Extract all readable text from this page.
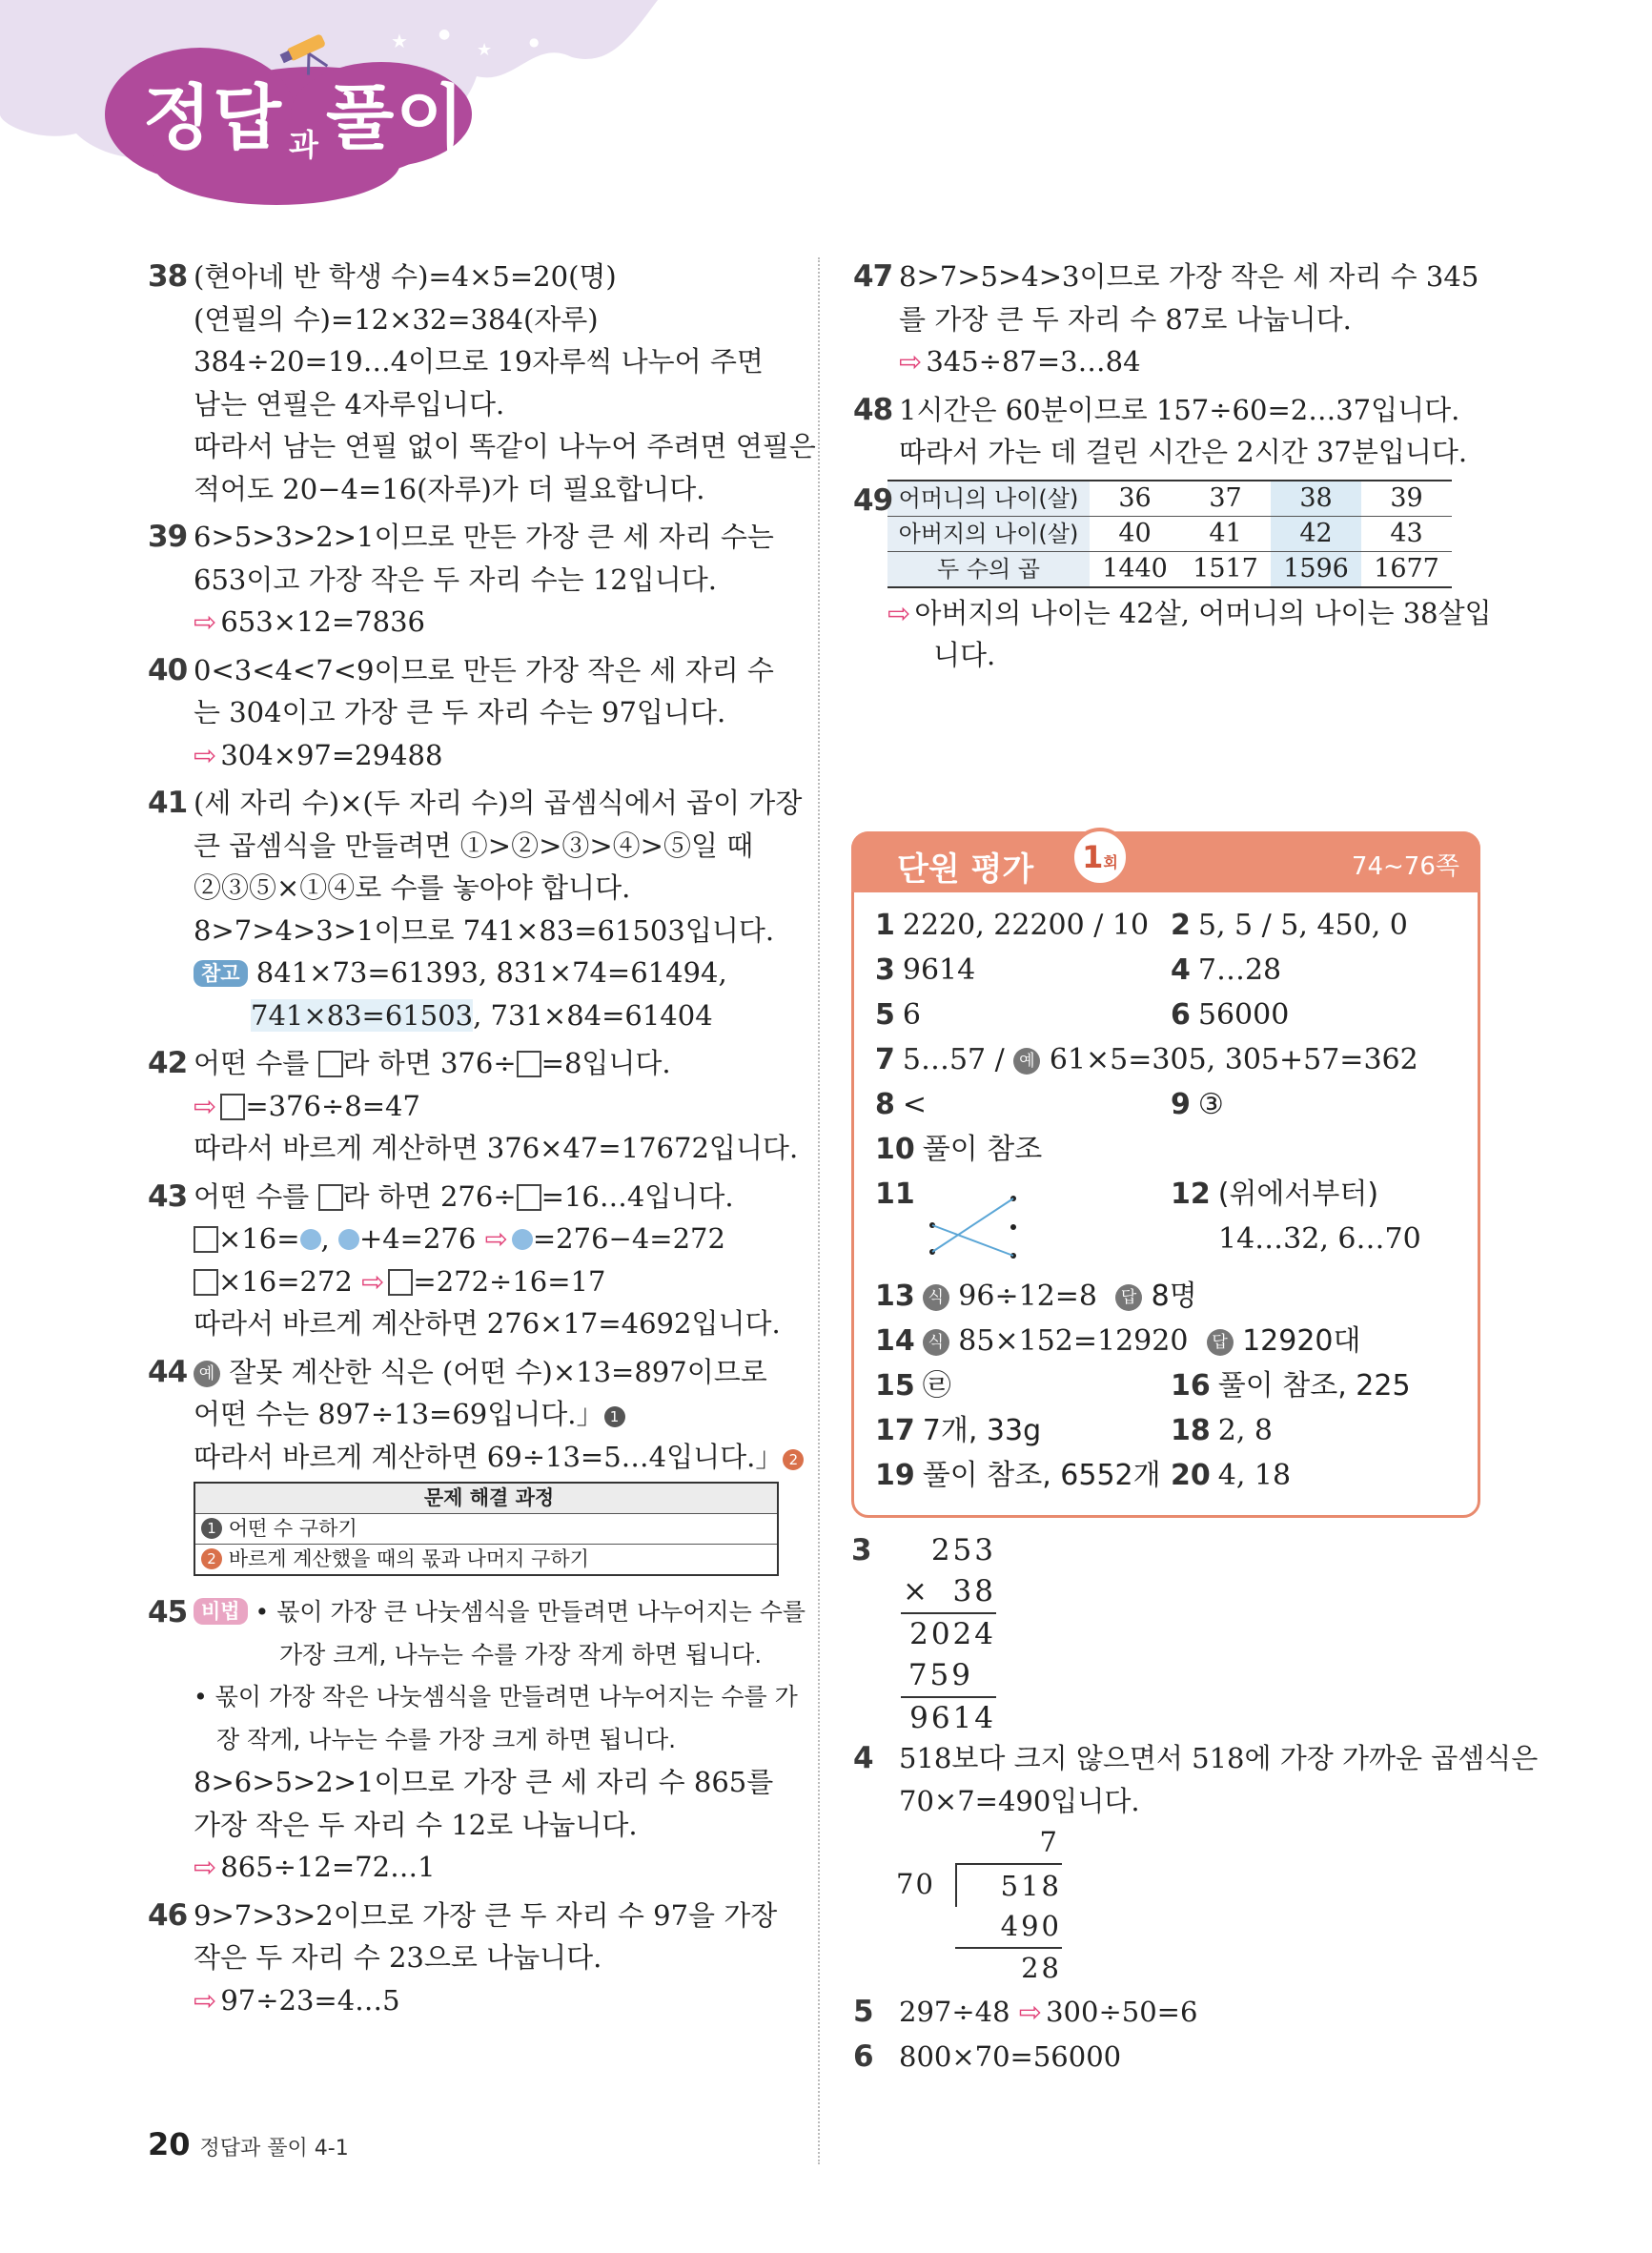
★ ●
★	●
정답 과풀이
38 (현아네 반 학생 수)=4×5=20(명)
(연필의 수)=12×32=384(자루)
384÷20=19…4이므로 19자루씩 나누어 주면
남는 연필은 4자루입니다.
따라서 남는 연필 없이 똑같이 나누어 주려면 연필은
적어도 20−4=16(자루)가 더 필요합니다.
39 6>5>3>2>1이므로 만든 가장 큰 세 자리 수는
653이고 가장 작은 두 자리 수는 12입니다.
⇨ 653×12=7836
40 0<3<4<7<9이므로 만든 가장 작은 세 자리 수
는 304이고 가장 큰 두 자리 수는 97입니다.
⇨ 304×97=29488
41 (세 자리 수)×(두 자리 수)의 곱셈식에서 곱이 가장
큰 곱셈식을 만들려면 ①>②>③>④>⑤일 때
②③⑤×①④로 수를 놓아야 합니다.
8>7>4>3>1이므로 741×83=61503입니다.
참고 841×73=61393, 831×74=61494,
741×83=61503, 731×84=61404
42 어떤 수를 라 하면 376÷ =8입니다.
⇨ =376÷8=47
따라서 바르게 계산하면 376×47=17672입니다.
43 어떤 수를 라 하면 276÷ =16…4입니다.
×16= , +4=276 ⇨ =276−4=272
×16=272 ⇨ =272÷16=17
따라서 바르게 계산하면 276×17=4692입니다.
44 예 잘못 계산한 식은 (어떤 수)×13=897이므로
어떤 수는 897÷13=69입니다.」 1
따라서 바르게 계산하면 69÷13=5…4입니다.」 2
문제 해결 과정
1 어떤 수 구하기
2 바르게 계산했을 때의 몫과 나머지 구하기
45 비법 • 몫이 가장 큰 나눗셈식을 만들려면 나누어지는 수를
가장 크게, 나누는 수를 가장 작게 하면 됩니다.
• 몫이 가장 작은 나눗셈식을 만들려면 나누어지는 수를 가
장 작게, 나누는 수를 가장 크게 하면 됩니다.
8>6>5>2>1이므로 가장 큰 세 자리 수 865를
가장 작은 두 자리 수 12로 나눕니다.
⇨ 865÷12=72…1
46 9>7>3>2이므로 가장 큰 두 자리 수 97을 가장
작은 두 자리 수 23으로 나눕니다.
⇨ 97÷23=4…5
47 8>7>5>4>3이므로 가장 작은 세 자리 수 345
를 가장 큰 두 자리 수 87로 나눕니다.
⇨ 345÷87=3…84
48 1시간은 60분이므로 157÷60=2…37입니다.
따라서 가는 데 걸린 시간은 2시간 37분입니다.
49 어머니의 나이(살)	36	37	38	39
아버지의 나이(살)	40	41	42	43
두 수의 곱	1440	1517	1596	1677
⇨ 아버지의 나이는 42살, 어머니의 나이는 38살입
니다.
단원 평가	1회	74~76쪽
1 2220, 22200 / 10 2 5, 5 / 5, 450, 0
3 9614	4 7…28
5 6	6 56000
7 5…57 / 예 61×5=305, 305+57=362
8 <	9 ③
10 풀이 참조
11	12 (위에서부터)
14…32, 6…70
13 식 96÷12=8 답 8명
14 식 85×152=12920 답 12920대
15 ㉣	16 풀이 참조, 225
17 7개, 33g	18 2, 8
19 풀이 참조, 6552개 20 4, 18
3	253
× 38
2024
759
9614
4 518보다 크지 않으면서 518에 가장 가까운 곱셈식은
70×7=490입니다.
7
70	518
490
28
5 297÷48 ⇨ 300÷50=6
6 800×70=56000
20 정답과 풀이 4-1
